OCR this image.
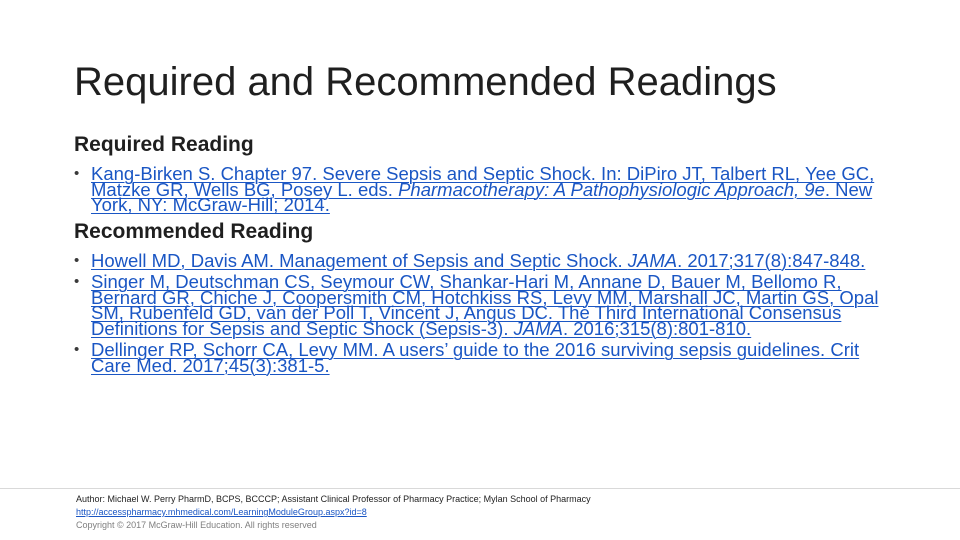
Required and Recommended Readings
Required Reading
• Kang-Birken S. Chapter 97. Severe Sepsis and Septic Shock. In: DiPiro JT, Talbert RL, Yee GC, Matzke GR, Wells BG, Posey L. eds. Pharmacotherapy: A Pathophysiologic Approach, 9e. New York, NY: McGraw-Hill; 2014.
Recommended Reading
• Howell MD, Davis AM. Management of Sepsis and Septic Shock. JAMA. 2017;317(8):847-848.
• Singer M, Deutschman CS, Seymour CW, Shankar-Hari M, Annane D, Bauer M, Bellomo R, Bernard GR, Chiche J, Coopersmith CM, Hotchkiss RS, Levy MM, Marshall JC, Martin GS, Opal SM, Rubenfeld GD, van der Poll T, Vincent J, Angus DC. The Third International Consensus Definitions for Sepsis and Septic Shock (Sepsis-3). JAMA. 2016;315(8):801-810.
• Dellinger RP, Schorr CA, Levy MM. A users’ guide to the 2016 surviving sepsis guidelines. Crit Care Med. 2017;45(3):381-5.
Author: Michael W. Perry PharmD, BCPS, BCCCP; Assistant Clinical Professor of Pharmacy Practice; Mylan School of Pharmacy
http://accesspharmacy.mhmedical.com/LearningModuleGroup.aspx?id=8
Copyright © 2017 McGraw-Hill Education. All rights reserved
